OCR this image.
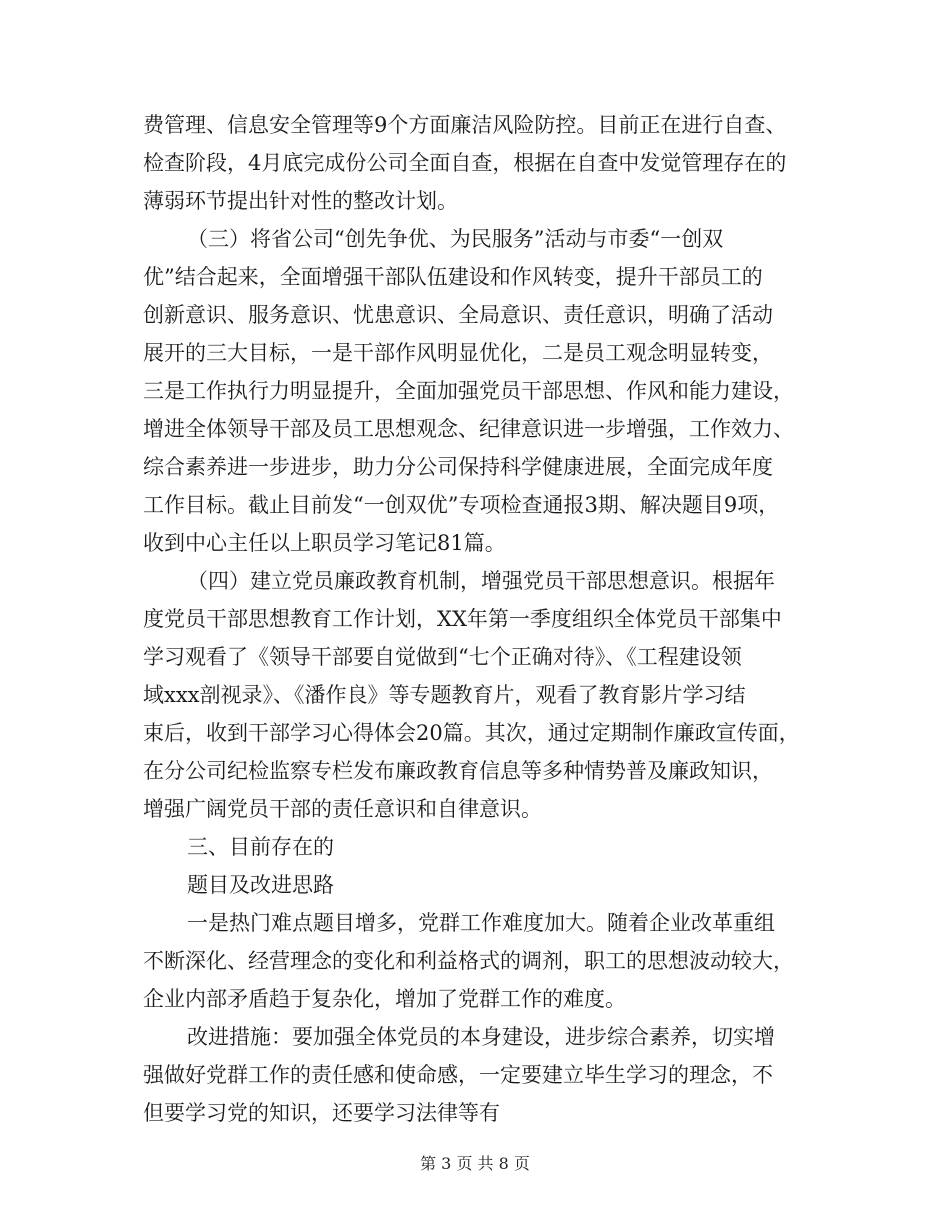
费管理、信息安全管理等9个方面廉洁风险防控。目前正在进行自查、
检查阶段，4月底完成份公司全面自查，根据在自查中发觉管理存在的
薄弱环节提出针对性的整改计划。
（三）将省公司“创先争优、为民服务”活动与市委“一创双
优”结合起来，全面增强干部队伍建设和作风转变，提升干部员工的
创新意识、服务意识、忧患意识、全局意识、责任意识，明确了活动
展开的三大目标，一是干部作风明显优化，二是员工观念明显转变，
三是工作执行力明显提升，全面加强党员干部思想、作风和能力建设，
增进全体领导干部及员工思想观念、纪律意识进一步增强，工作效力、
综合素养进一步进步，助力分公司保持科学健康进展，全面完成年度
工作目标。截止目前发“一创双优”专项检查通报3期、解决题目9项，
收到中心主任以上职员学习笔记81篇。
（四）建立党员廉政教育机制，增强党员干部思想意识。根据年
度党员干部思想教育工作计划，XX年第一季度组织全体党员干部集中
学习观看了《领导干部要自觉做到“七个正确对待》、《工程建设领
域xxx剖视录》、《潘作良》等专题教育片，观看了教育影片学习结
束后，收到干部学习心得体会20篇。其次，通过定期制作廉政宣传面，
在分公司纪检监察专栏发布廉政教育信息等多种情势普及廉政知识，
增强广阔党员干部的责任意识和自律意识。
三、目前存在的
题目及改进思路
一是热门难点题目增多，党群工作难度加大。随着企业改革重组
不断深化、经营理念的变化和利益格式的调剂，职工的思想波动较大，
企业内部矛盾趋于复杂化，增加了党群工作的难度。
改进措施：要加强全体党员的本身建设，进步综合素养，切实增
强做好党群工作的责任感和使命感，一定要建立毕生学习的理念，不
但要学习党的知识，还要学习法律等有
第 3 页 共 8 页
